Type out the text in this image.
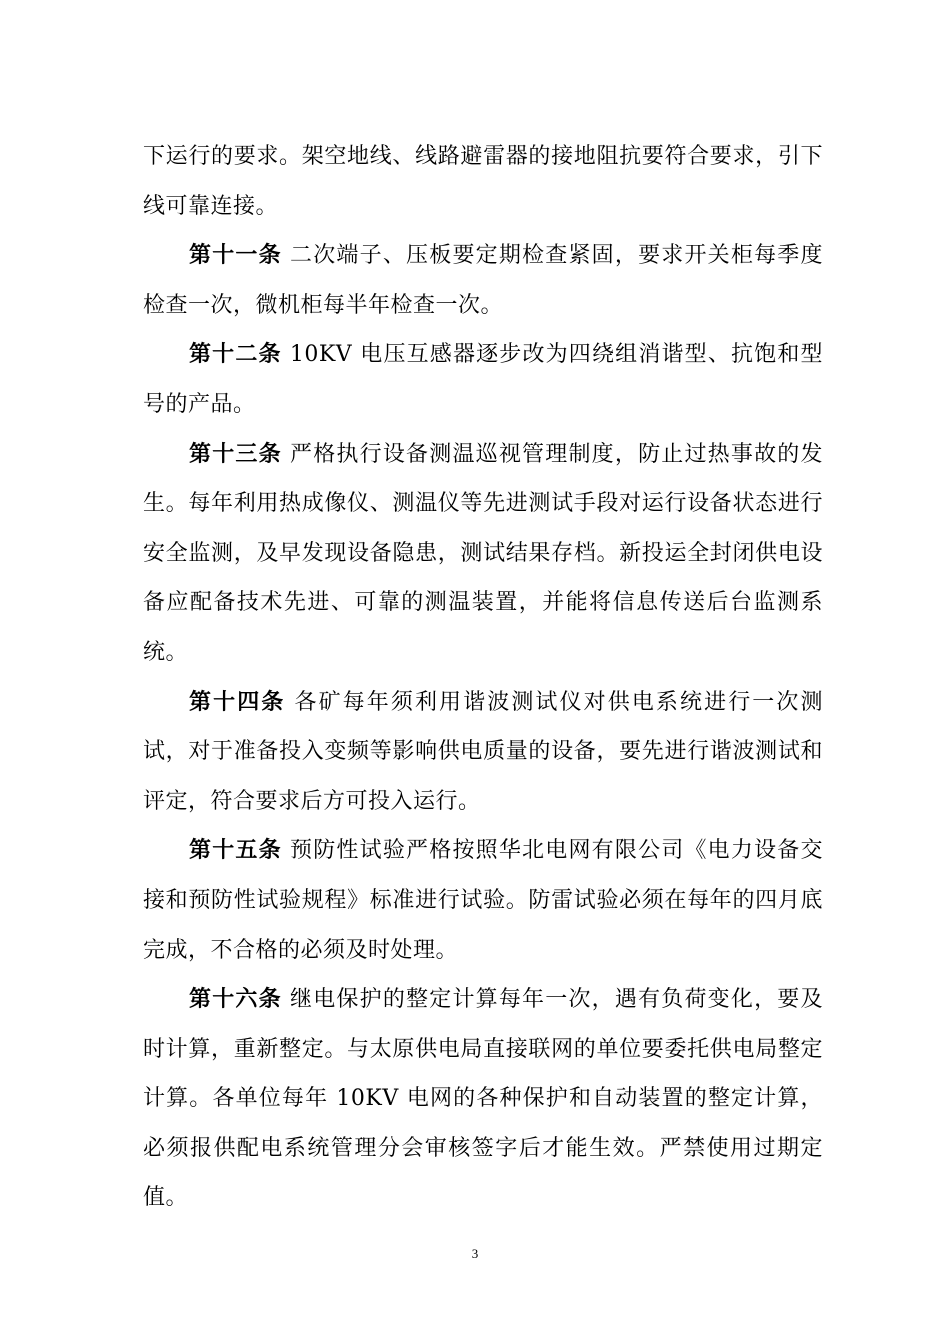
下运行的要求。架空地线、线路避雷器的接地阻抗要符合要求，引下线可靠连接。

第十一条 二次端子、压板要定期检查紧固，要求开关柜每季度检查一次，微机柜每半年检查一次。

第十二条 10KV 电压互感器逐步改为四绕组消谐型、抗饱和型号的产品。

第十三条 严格执行设备测温巡视管理制度，防止过热事故的发生。每年利用热成像仪、测温仪等先进测试手段对运行设备状态进行安全监测，及早发现设备隐患，测试结果存档。新投运全封闭供电设备应配备技术先进、可靠的测温装置，并能将信息传送后台监测系统。

第十四条 各矿每年须利用谐波测试仪对供电系统进行一次测试，对于准备投入变频等影响供电质量的设备，要先进行谐波测试和评定，符合要求后方可投入运行。

第十五条 预防性试验严格按照华北电网有限公司《电力设备交接和预防性试验规程》标准进行试验。防雷试验必须在每年的四月底完成，不合格的必须及时处理。

第十六条 继电保护的整定计算每年一次，遇有负荷变化，要及时计算，重新整定。与太原供电局直接联网的单位要委托供电局整定计算。各单位每年 10KV 电网的各种保护和自动装置的整定计算，必须报供配电系统管理分会审核签字后才能生效。严禁使用过期定值。

3
